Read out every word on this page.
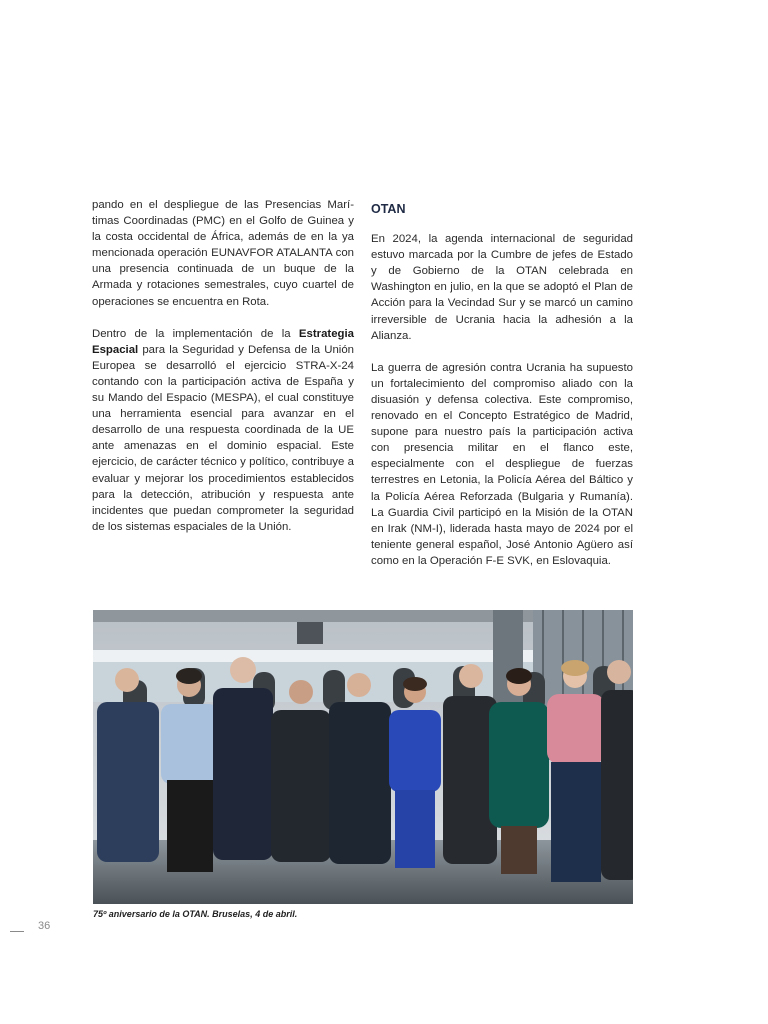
pando en el despliegue de las Presencias Marítimas Coordinadas (PMC) en el Golfo de Guinea y la costa occidental de África, además de en la ya mencionada operación EUNAVFOR ATALANTA con una presencia continuada de un buque de la Armada y rotaciones semestrales, cuyo cuartel de operaciones se encuentra en Rota.

Dentro de la implementación de la Estrategia Espacial para la Seguridad y Defensa de la Unión Europea se desarrolló el ejercicio STRA-X-24 contando con la participación activa de España y su Mando del Espacio (MESPA), el cual constituye una herramienta esencial para avanzar en el desarrollo de una respuesta coordinada de la UE ante amenazas en el dominio espacial. Este ejercicio, de carácter técnico y político, contribuye a evaluar y mejorar los procedimientos establecidos para la detección, atribución y respuesta ante incidentes que puedan comprometer la seguridad de los sistemas espaciales de la Unión.

OTAN

En 2024, la agenda internacional de seguridad estuvo marcada por la Cumbre de jefes de Estado y de Gobierno de la OTAN celebrada en Washington en julio, en la que se adoptó el Plan de Acción para la Vecindad Sur y se marcó un camino irreversible de Ucrania hacia la adhesión a la Alianza.

La guerra de agresión contra Ucrania ha supuesto un fortalecimiento del compromiso aliado con la disuasión y defensa colectiva. Este compromiso, renovado en el Concepto Estratégico de Madrid, supone para nuestro país la participación activa con presencia militar en el flanco este, especialmente con el despliegue de fuerzas terrestres en Letonia, la Policía Aérea del Báltico y la Policía Aérea Reforzada (Bulgaria y Rumanía). La Guardia Civil participó en la Misión de la OTAN en Irak (NM-I), liderada hasta mayo de 2024 por el teniente general español, José Antonio Agüero así como en la Operación F-E SVK, en Eslovaquia.

75º aniversario de la OTAN. Bruselas, 4 de abril.
36
